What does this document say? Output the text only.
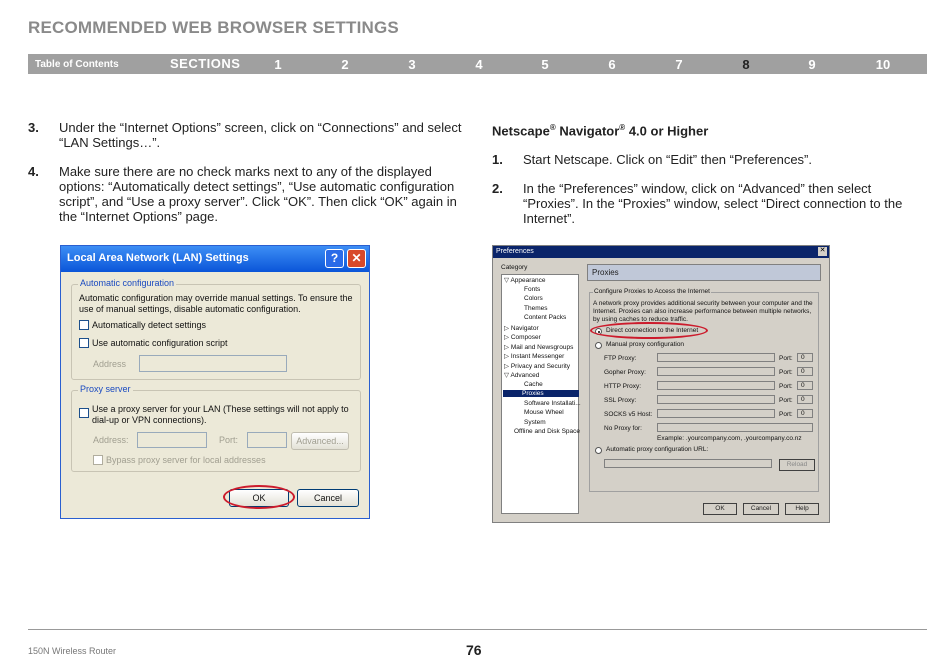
RECOMMENDED WEB BROWSER SETTINGS
Table of Contents	SECTIONS	1	2	3	4	5	6	7	8	9	10
3. Under the “Internet Options” screen, click on “Connections” and select “LAN Settings…”.
4. Make sure there are no check marks next to any of the displayed options: “Automatically detect settings”, “Use automatic configuration script”, and “Use a proxy server”. Click “OK”. Then click “OK” again in the “Internet Options” page.
Netscape® Navigator® 4.0 or Higher
1. Start Netscape. Click on “Edit” then “Preferences”.
2. In the “Preferences” window, click on “Advanced” then select “Proxies”. In the “Proxies” window, select “Direct connection to the Internet”.
Local Area Network (LAN) Settings	?	✕
Automatic configuration
Automatic configuration may override manual settings. To ensure the use of manual settings, disable automatic configuration.
Automatically detect settings
Use automatic configuration script
Address
Proxy server
Use a proxy server for your LAN (These settings will not apply to dial-up or VPN connections).
Address:	Port:	Advanced...
Bypass proxy server for local addresses
OK	Cancel
Preferences	✕
Category
▽ Appearance
Fonts
Colors
Themes
Content Packs
▷ Navigator
▷ Composer
▷ Mail and Newsgroups
▷ Instant Messenger
▷ Privacy and Security
▽ Advanced
Cache
Proxies
Software Installati...
Mouse Wheel
System
Offline and Disk Space
Proxies
Configure Proxies to Access the Internet
A network proxy provides additional security between your computer and the Internet. Proxies can also increase performance between multiple networks, by using caches to reduce traffic.
Direct connection to the Internet
Manual proxy configuration
FTP Proxy:	Port: 0
Gopher Proxy:	Port: 0
HTTP Proxy:	Port: 0
SSL Proxy:	Port: 0
SOCKS v5 Host:	Port: 0
No Proxy for:
Example: .yourcompany.com, .yourcompany.co.nz
Automatic proxy configuration URL:
Reload
OK	Cancel	Help
150N Wireless Router	76
